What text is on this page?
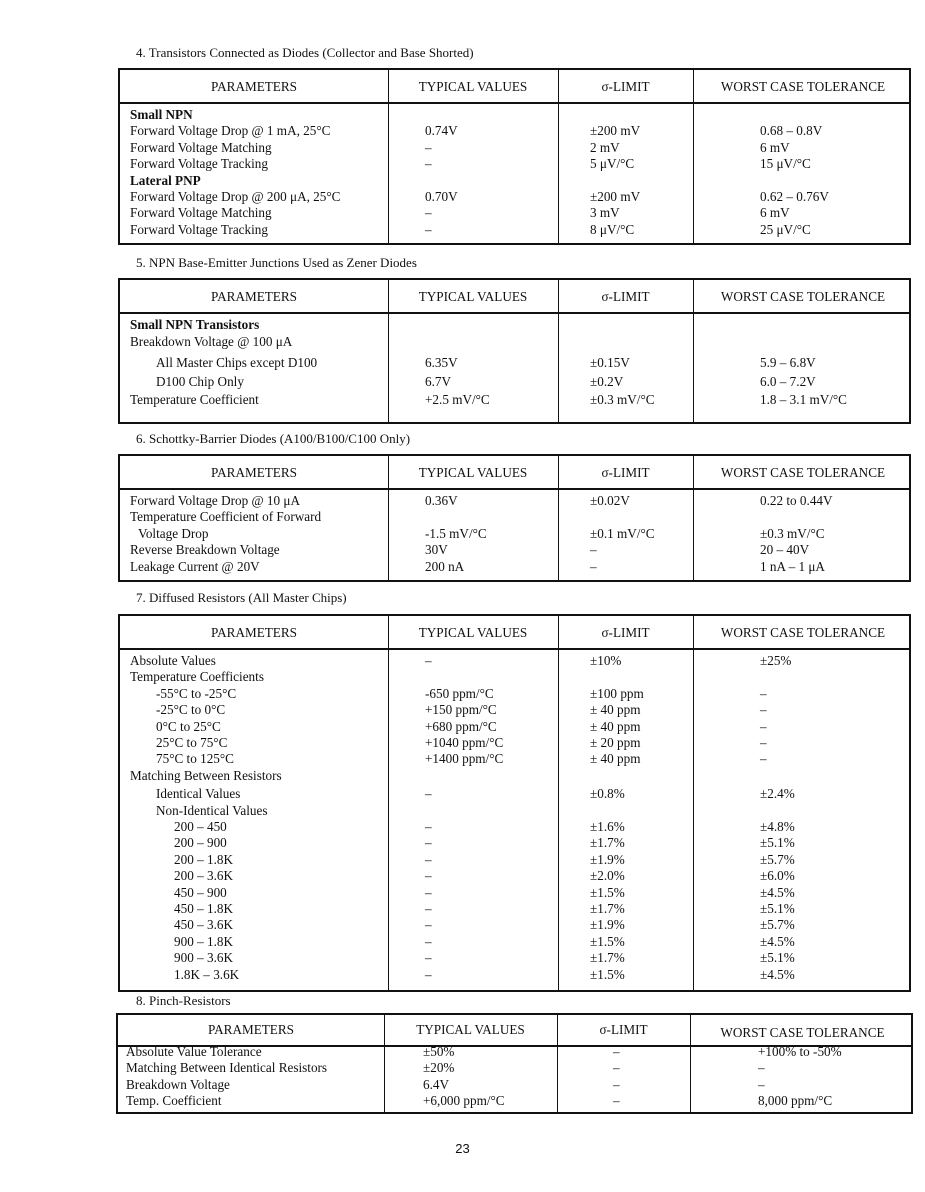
4. Transistors Connected as Diodes (Collector and Base Shorted)
PARAMETERS	TYPICAL VALUES	σ-LIMIT	WORST CASE TOLERANCE
Small NPN
Forward Voltage Drop @ 1 mA, 25°C	0.74V	±200 mV	0.68 – 0.8V
Forward Voltage Matching	–	2 mV	6 mV
Forward Voltage Tracking	–	5 μV/°C	15 μV/°C
Lateral PNP
Forward Voltage Drop @ 200 μA, 25°C	0.70V	±200 mV	0.62 – 0.76V
Forward Voltage Matching	–	3 mV	6 mV
Forward Voltage Tracking	–	8 μV/°C	25 μV/°C
5. NPN Base-Emitter Junctions Used as Zener Diodes
PARAMETERS	TYPICAL VALUES	σ-LIMIT	WORST CASE TOLERANCE
Small NPN Transistors
Breakdown Voltage @ 100 μA
All Master Chips except D100	6.35V	±0.15V	5.9 – 6.8V
D100 Chip Only	6.7V	±0.2V	6.0 – 7.2V
Temperature Coefficient	+2.5 mV/°C	±0.3 mV/°C	1.8 – 3.1 mV/°C
6. Schottky-Barrier Diodes (A100/B100/C100 Only)
PARAMETERS	TYPICAL VALUES	σ-LIMIT	WORST CASE TOLERANCE
Forward Voltage Drop @ 10 μA	0.36V	±0.02V	0.22 to 0.44V
Temperature Coefficient of Forward
Voltage Drop	-1.5 mV/°C	±0.1 mV/°C	±0.3 mV/°C
Reverse Breakdown Voltage	30V	–	20 – 40V
Leakage Current @ 20V	200 nA	–	1 nA – 1 μA
7. Diffused Resistors (All Master Chips)
PARAMETERS	TYPICAL VALUES	σ-LIMIT	WORST CASE TOLERANCE
Absolute Values	–	±10%	±25%
Temperature Coefficients
-55°C to -25°C	-650 ppm/°C	±100 ppm	–
-25°C to 0°C	+150 ppm/°C	± 40 ppm	–
0°C to 25°C	+680 ppm/°C	± 40 ppm	–
25°C to 75°C	+1040 ppm/°C	± 20 ppm	–
75°C to 125°C	+1400 ppm/°C	± 40 ppm	–
Matching Between Resistors
Identical Values	–	±0.8%	±2.4%
Non-Identical Values
200 – 450	–	±1.6%	±4.8%
200 – 900	–	±1.7%	±5.1%
200 – 1.8K	–	±1.9%	±5.7%
200 – 3.6K	–	±2.0%	±6.0%
450 – 900	–	±1.5%	±4.5%
450 – 1.8K	–	±1.7%	±5.1%
450 – 3.6K	–	±1.9%	±5.7%
900 – 1.8K	–	±1.5%	±4.5%
900 – 3.6K	–	±1.7%	±5.1%
1.8K – 3.6K	–	±1.5%	±4.5%
8. Pinch-Resistors
PARAMETERS	TYPICAL VALUES	σ-LIMIT	WORST CASE TOLERANCE
Absolute Value Tolerance	±50%	–	+100% to -50%
Matching Between Identical Resistors	±20%	–	–
Breakdown Voltage	6.4V	–	–
Temp. Coefficient	+6,000 ppm/°C	–	8,000 ppm/°C
23
